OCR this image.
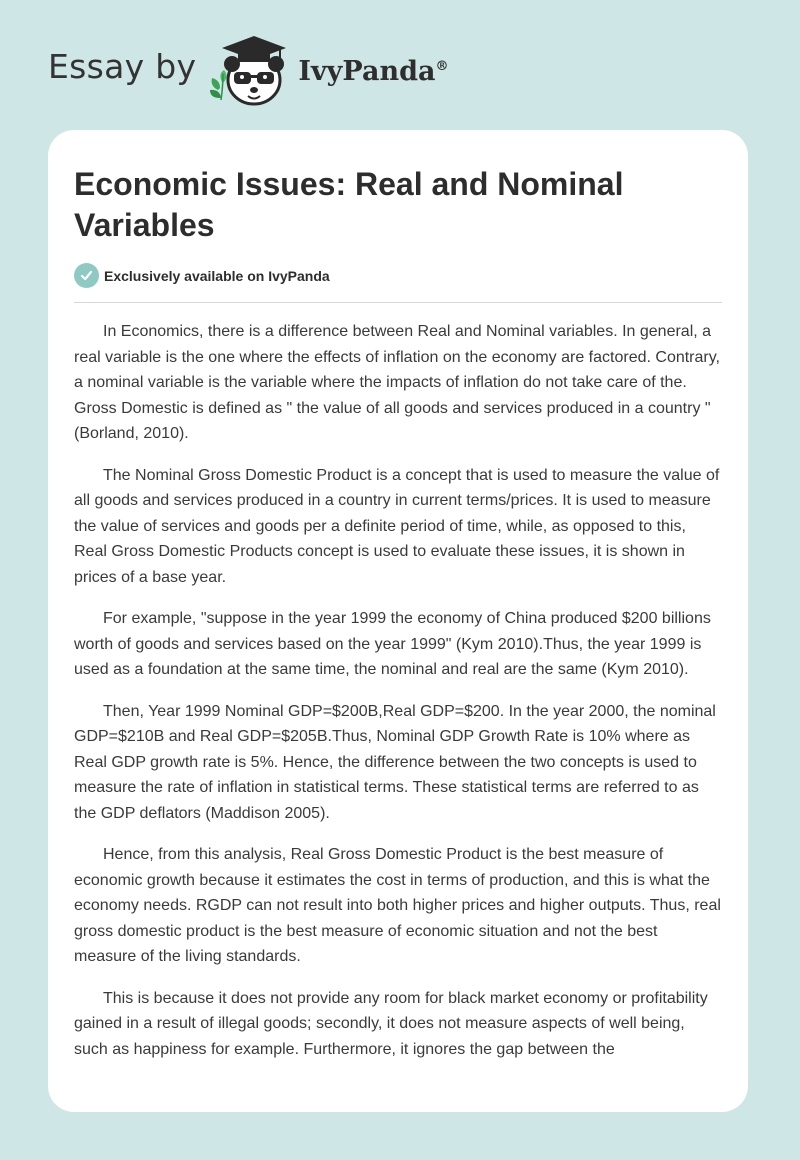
Essay by	IvyPanda®
Economic Issues: Real and Nominal Variables
Exclusively available on IvyPanda

In Economics, there is a difference between Real and Nominal variables. In general, a real variable is the one where the effects of inflation on the economy are factored. Contrary, a nominal variable is the variable where the impacts of inflation do not take care of the. Gross Domestic is defined as " the value of all goods and services produced in a country " (Borland, 2010).

The Nominal Gross Domestic Product is a concept that is used to measure the value of all goods and services produced in a country in current terms/prices. It is used to measure the value of services and goods per a definite period of time, while, as opposed to this, Real Gross Domestic Products concept is used to evaluate these issues, it is shown in prices of a base year.

For example, "suppose in the year 1999 the economy of China produced $200 billions worth of goods and services based on the year 1999" (Kym 2010).Thus, the year 1999 is used as a foundation at the same time, the nominal and real are the same (Kym 2010).

Then, Year 1999 Nominal GDP=$200B,Real GDP=$200. In the year 2000, the nominal GDP=$210B and Real GDP=$205B.Thus, Nominal GDP Growth Rate is 10% where as Real GDP growth rate is 5%. Hence, the difference between the two concepts is used to measure the rate of inflation in statistical terms. These statistical terms are referred to as the GDP deflators (Maddison 2005).

Hence, from this analysis, Real Gross Domestic Product is the best measure of economic growth because it estimates the cost in terms of production, and this is what the economy needs. RGDP can not result into both higher prices and higher outputs. Thus, real gross domestic product is the best measure of economic situation and not the best measure of the living standards.

This is because it does not provide any room for black market economy or profitability gained in a result of illegal goods; secondly, it does not measure aspects of well being, such as happiness for example. Furthermore, it ignores the gap between the
